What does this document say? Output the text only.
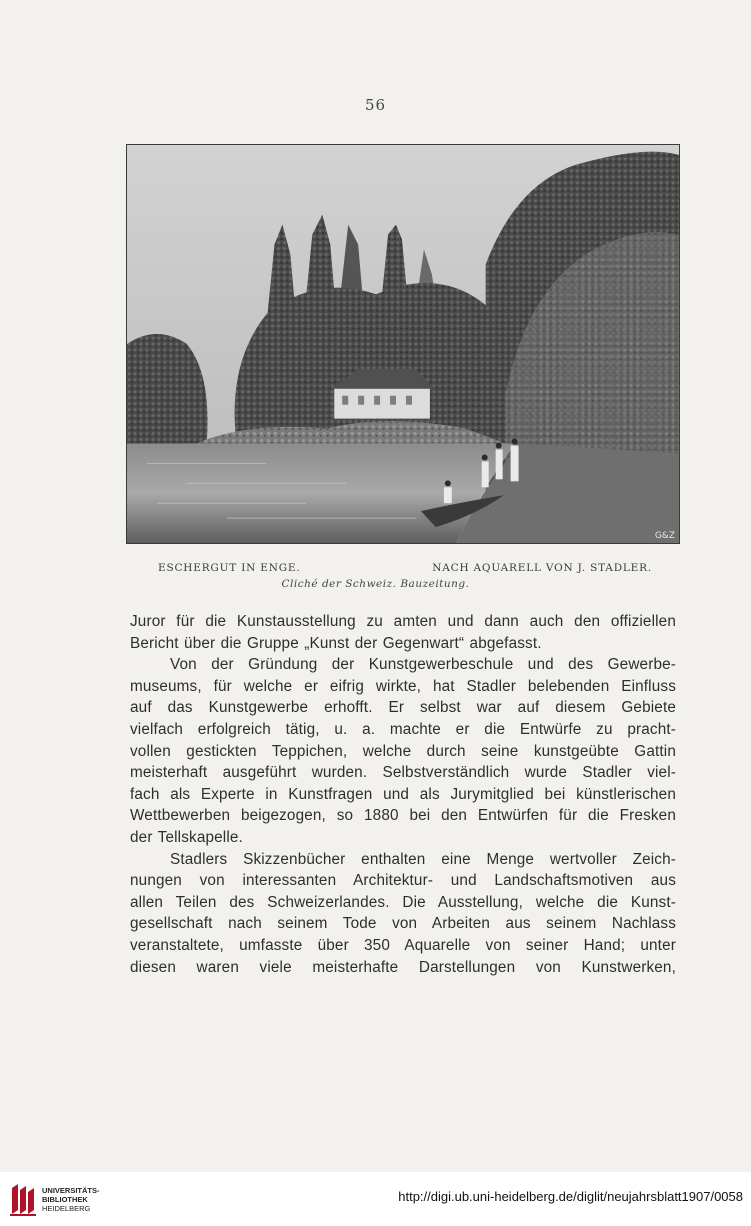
56
G&Z
ESCHERGUT IN ENGE.	NACH AQUARELL VON J. STADLER.
Cliché der Schweiz. Bauzeitung.
Juror für die Kunstausstellung zu amten und dann auch den offiziellen
Bericht über die Gruppe „Kunst der Gegenwart“ abgefasst.
Von der Gründung der Kunstgewerbeschule und des Gewerbe-
museums, für welche er eifrig wirkte, hat Stadler belebenden Einfluss
auf das Kunstgewerbe erhofft. Er selbst war auf diesem Gebiete
vielfach erfolgreich tätig, u. a. machte er die Entwürfe zu pracht-
vollen gestickten Teppichen, welche durch seine kunstgeübte Gattin
meisterhaft ausgeführt wurden. Selbstverständlich wurde Stadler viel-
fach als Experte in Kunstfragen und als Jurymitglied bei künstlerischen
Wettbewerben beigezogen, so 1880 bei den Entwürfen für die Fresken
der Tellskapelle.
Stadlers Skizzenbücher enthalten eine Menge wertvoller Zeich-
nungen von interessanten Architektur- und Landschaftsmotiven aus
allen Teilen des Schweizerlandes. Die Ausstellung, welche die Kunst-
gesellschaft nach seinem Tode von Arbeiten aus seinem Nachlass
veranstaltete, umfasste über 350 Aquarelle von seiner Hand; unter
diesen waren viele meisterhafte Darstellungen von Kunstwerken,
UNIVERSITÄTS-
BIBLIOTHEK
HEIDELBERG
http://digi.ub.uni-heidelberg.de/diglit/neujahrsblatt1907/0058
